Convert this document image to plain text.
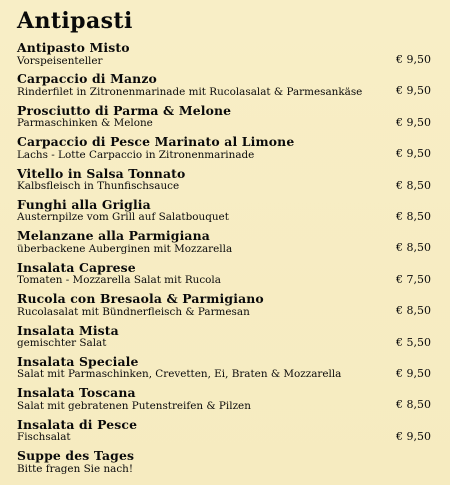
Antipasti
Antipasto Misto
Vorspeisenteller	€ 9,50
Carpaccio di Manzo
Rinderfilet in Zitronenmarinade mit Rucolasalat & Parmesankäse	€ 9,50
Prosciutto di Parma & Melone
Parmaschinken & Melone	€ 9,50
Carpaccio di Pesce Marinato al Limone
Lachs - Lotte Carpaccio in Zitronenmarinade	€ 9,50
Vitello in Salsa Tonnato
Kalbsfleisch in Thunfischsauce	€ 8,50
Funghi alla Griglia
Austernpilze vom Grill auf Salatbouquet	€ 8,50
Melanzane alla Parmigiana
überbackene Auberginen mit Mozzarella	€ 8,50
Insalata Caprese
Tomaten - Mozzarella Salat mit Rucola	€ 7,50
Rucola con Bresaola & Parmigiano
Rucolasalat mit Bündnerfleisch & Parmesan	€ 8,50
Insalata Mista
gemischter Salat	€ 5,50
Insalata Speciale
Salat mit Parmaschinken, Crevetten, Ei, Braten & Mozzarella	€ 9,50
Insalata Toscana
Salat mit gebratenen Putenstreifen & Pilzen	€ 8,50
Insalata di Pesce
Fischsalat	€ 9,50
Suppe des Tages
Bitte fragen Sie nach!
